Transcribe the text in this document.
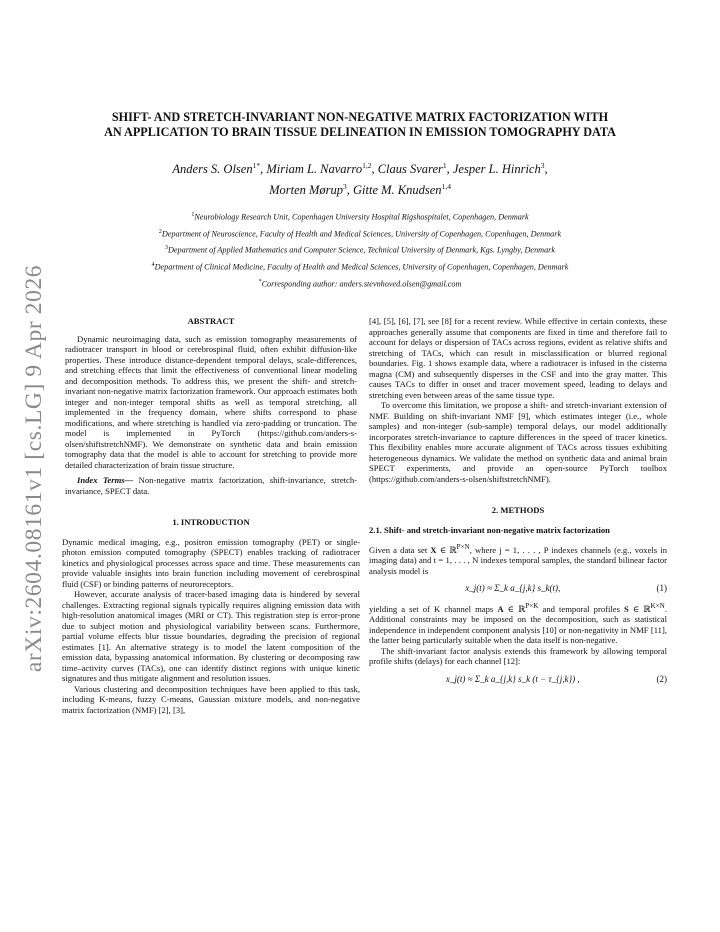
arXiv:2604.08161v1 [cs.LG] 9 Apr 2026
SHIFT- AND STRETCH-INVARIANT NON-NEGATIVE MATRIX FACTORIZATION WITH
AN APPLICATION TO BRAIN TISSUE DELINEATION IN EMISSION TOMOGRAPHY DATA
Anders S. Olsen$^{1*}$, Miriam L. Navarro$^{1,2}$, Claus Svarer$^1$, Jesper L. Hinrich$^3$,
Morten Mørup$^3$, Gitte M. Knudsen$^{1,4}$
$^1$Neurobiology Research Unit, Copenhagen University Hospital Rigshospitalet, Copenhagen, Denmark
$^2$Department of Neuroscience, Faculty of Health and Medical Sciences, University of Copenhagen, Copenhagen, Denmark
$^3$Department of Applied Mathematics and Computer Science, Technical University of Denmark, Kgs. Lyngby, Denmark
$^4$Department of Clinical Medicine, Faculty of Health and Medical Sciences, University of Copenhagen, Copenhagen, Denmark
*Corresponding author: anders.stevnhoved.olsen@gmail.com

ABSTRACT

Dynamic neuroimaging data, such as emission tomography measurements of radiotracer transport in blood or cerebrospinal fluid, often exhibit diffusion-like properties. These introduce distance-dependent temporal delays, scale-differences, and stretching effects that limit the effectiveness of conventional linear modeling and decomposition methods. To address this, we present the shift- and stretch-invariant non-negative matrix factorization framework. Our approach estimates both integer and non-integer temporal shifts as well as temporal stretching, all implemented in the frequency domain, where shifts correspond to phase modifications, and where stretching is handled via zero-padding or truncation. The model is implemented in PyTorch (https://github.com/anders-s-olsen/shiftstretchNMF). We demonstrate on synthetic data and brain emission tomography data that the model is able to account for stretching to provide more detailed characterization of brain tissue structure.

Index Terms— Non-negative matrix factorization, shift-invariance, stretch-invariance, SPECT data.

1. INTRODUCTION

Dynamic medical imaging, e.g., positron emission tomography (PET) or single-photon emission computed tomography (SPECT) enables tracking of radiotracer kinetics and physiological processes across space and time. These measurements can provide valuable insights into brain function including movement of cerebrospinal fluid (CSF) or binding patterns of neuroreceptors.

However, accurate analysis of tracer-based imaging data is hindered by several challenges. Extracting regional signals typically requires aligning emission data with high-resolution anatomical images (MRI or CT). This registration step is error-prone due to subject motion and physiological variability between scans. Furthermore, partial volume effects blur tissue boundaries, degrading the precision of regional estimates [1]. An alternative strategy is to model the latent composition of the emission data, bypassing anatomical information. By clustering or decomposing raw time–activity curves (TACs), one can identify distinct regions with unique kinetic signatures and thus mitigate alignment and resolution issues.

Various clustering and decomposition techniques have been applied to this task, including K-means, fuzzy C-means, Gaussian mixture models, and non-negative matrix factorization (NMF) [2], [3],

[4], [5], [6], [7], see [8] for a recent review. While effective in certain contexts, these approaches generally assume that components are fixed in time and therefore fail to account for delays or dispersion of TACs across regions, evident as relative shifts and stretching of TACs, which can result in misclassification or blurred regional boundaries. Fig. 1 shows example data, where a radiotracer is infused in the cisterna magna (CM) and subsequently disperses in the CSF and into the gray matter. This causes TACs to differ in onset and tracer movement speed, leading to delays and stretching even between areas of the same tissue type.

To overcome this limitation, we propose a shift- and stretch-invariant extension of NMF. Building on shift-invariant NMF [9], which estimates integer (i.e., whole samples) and non-integer (sub-sample) temporal delays, our model additionally incorporates stretch-invariance to capture differences in the speed of tracer kinetics. This flexibility enables more accurate alignment of TACs across tissues exhibiting heterogeneous dynamics. We validate the method on synthetic data and animal brain SPECT experiments, and provide an open-source PyTorch toolbox (https://github.com/anders-s-olsen/shiftstretchNMF).

2. METHODS

2.1. Shift- and stretch-invariant non-negative matrix factorization

Given a data set X ∈ ℝ$^{P\times N}$, where j = 1, . . . , P indexes channels (e.g., voxels in imaging data) and t = 1, . . . , N indexes temporal samples, the standard bilinear factor analysis model is

x_j(t) ≈ Σ_k a_{j,k} s_k(t),	(1)

yielding a set of K channel maps A ∈ ℝ$^{P\times K}$ and temporal profiles S ∈ ℝ$^{K\times N}$. Additional constraints may be imposed on the decomposition, such as statistical independence in independent component analysis [10] or non-negativity in NMF [11], the latter being particularly suitable when the data itself is non-negative.

The shift-invariant factor analysis extends this framework by allowing temporal profile shifts (delays) for each channel [12]:

x_j(t) ≈ Σ_k a_{j,k} s_k (t − τ_{j,k}) ,	(2)
